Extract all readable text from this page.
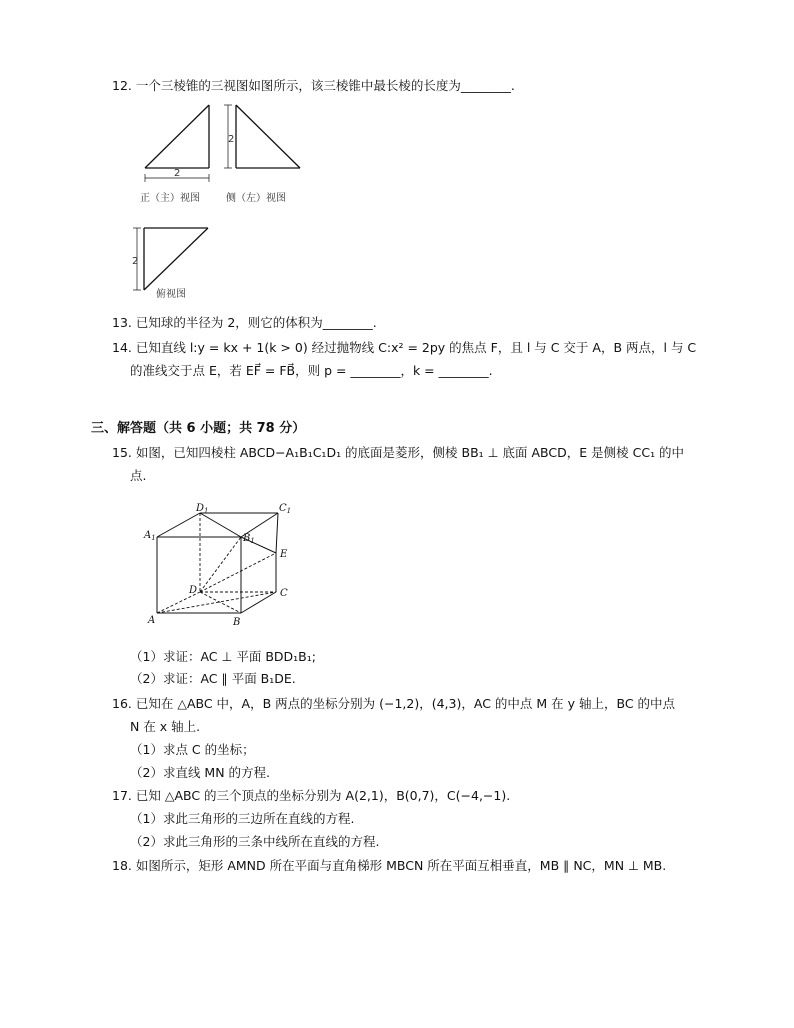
12. 一个三棱锥的三视图如图所示，该三棱锥中最长棱的长度为________.
2
正（主）视图
2
侧（左）视图
2
俯视图
13. 已知球的半径为 2，则它的体积为________.
14. 已知直线 l:y = kx + 1(k > 0) 经过抛物线 C:x² = 2py 的焦点 F，且 l 与 C 交于 A，B 两点，l 与 C
的准线交于点 E，若 EF⃗ = FB⃗，则 p = ________，k = ________.
三、解答题（共 6 小题；共 78 分）
15. 如图，已知四棱柱 ABCD−A₁B₁C₁D₁ 的底面是菱形，侧棱 BB₁ ⊥ 底面 ABCD，E 是侧棱 CC₁ 的中
点.
$D_1$	$C_1$
$A_1$	$B_1$
E
D	C
A	B
（1）求证：AC ⊥ 平面 BDD₁B₁;
（2）求证：AC ∥ 平面 B₁DE.
16. 已知在 △ABC 中，A，B 两点的坐标分别为 (−1,2)，(4,3)，AC 的中点 M 在 y 轴上，BC 的中点
N 在 x 轴上.
（1）求点 C 的坐标；
（2）求直线 MN 的方程.
17. 已知 △ABC 的三个顶点的坐标分别为 A(2,1)，B(0,7)，C(−4,−1).
（1）求此三角形的三边所在直线的方程.
（2）求此三角形的三条中线所在直线的方程.
18. 如图所示，矩形 AMND 所在平面与直角梯形 MBCN 所在平面互相垂直，MB ∥ NC，MN ⊥ MB.
